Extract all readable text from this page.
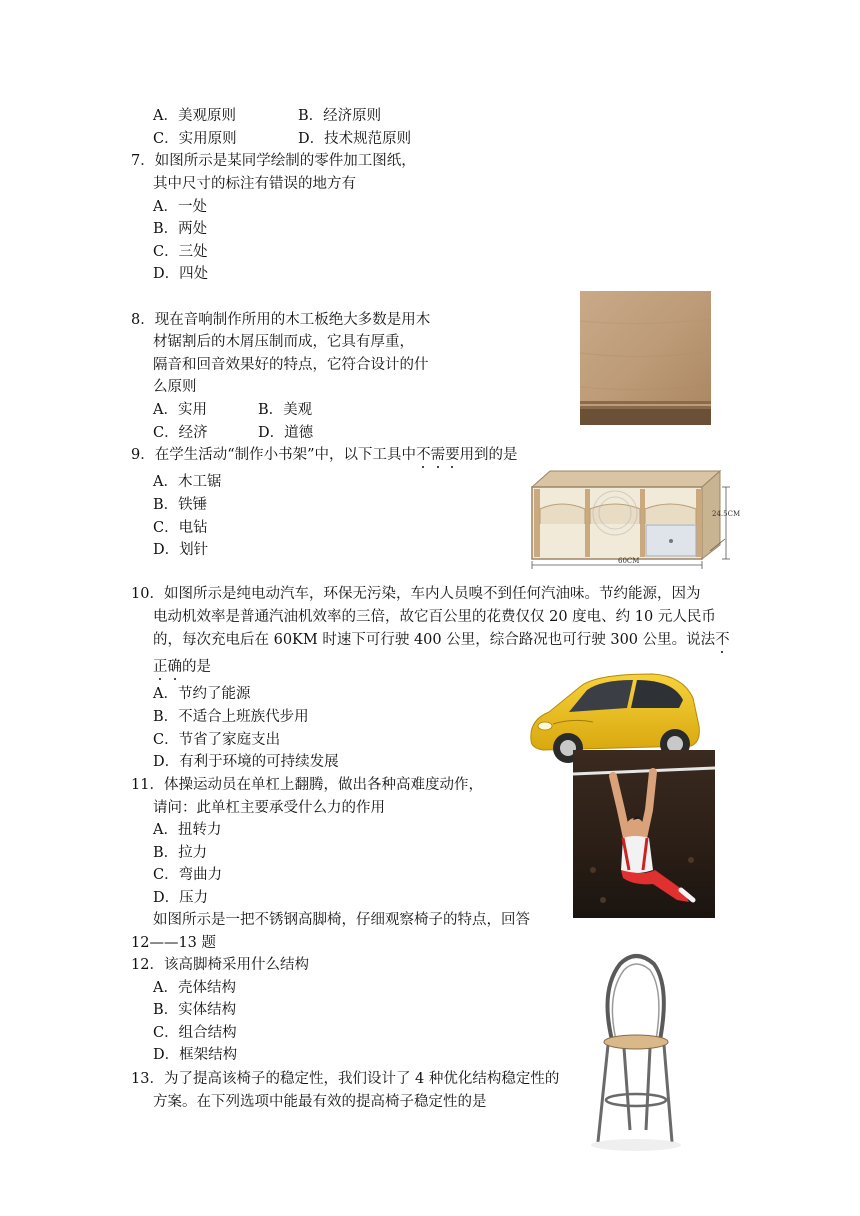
A．美观原则	B．经济原则
C．实用原则	D．技术规范原则
7．如图所示是某同学绘制的零件加工图纸，
其中尺寸的标注有错误的地方有
A．一处
B．两处
C．三处
D．四处
8．现在音响制作所用的木工板绝大多数是用木
材锯割后的木屑压制而成，它具有厚重，
隔音和回音效果好的特点，它符合设计的什
么原则
A．实用	B．美观
C．经济	D．道德
9．在学生活动“制作小书架”中，以下工具中不需要用到的是
A．木工锯
B．铁锤
C．电钻
D．划针
60CM
24.5CM
10．如图所示是纯电动汽车，环保无污染，车内人员嗅不到任何汽油味。节约能源，因为
电动机效率是普通汽油机效率的三倍，故它百公里的花费仅仅 20 度电、约 10 元人民币
的，每次充电后在 60KM 时速下可行驶 400 公里，综合路况也可行驶 300 公里。说法不
正确的是
A．节约了能源
B．不适合上班族代步用
C．节省了家庭支出
D．有利于环境的可持续发展
11．体操运动员在单杠上翻腾，做出各种高难度动作，
请问：此单杠主要承受什么力的作用
A．扭转力
B．拉力
C．弯曲力
D．压力
如图所示是一把不锈钢高脚椅，仔细观察椅子的特点，回答
12——13 题
12．该高脚椅采用什么结构
A．壳体结构
B．实体结构
C．组合结构
D．框架结构
13．为了提高该椅子的稳定性，我们设计了 4 种优化结构稳定性的
方案。在下列选项中能最有效的提高椅子稳定性的是
